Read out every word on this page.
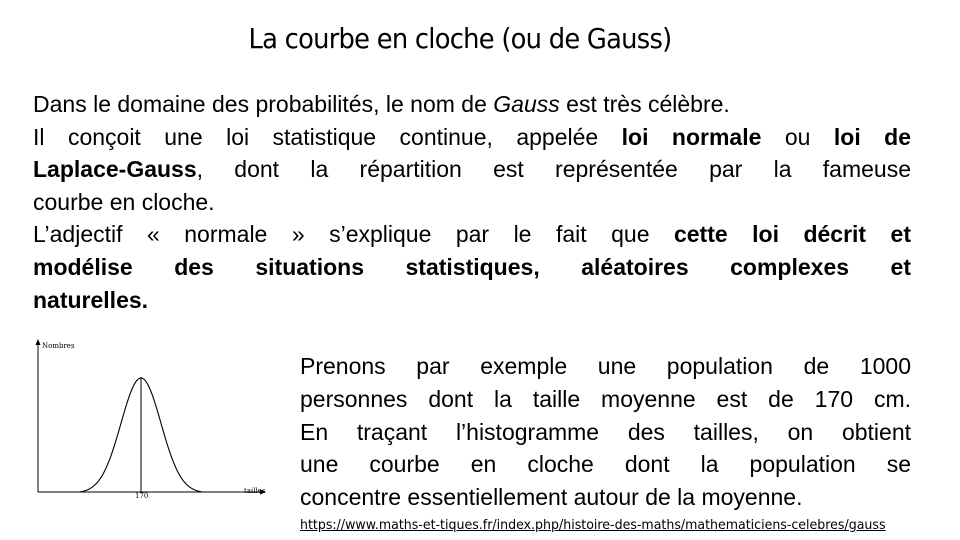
La courbe en cloche (ou de Gauss)

Dans le domaine des probabilités, le nom de Gauss est très célèbre.
Il conçoit une loi statistique continue, appelée loi normale ou loi de
Laplace-Gauss, dont la répartition est représentée par la fameuse
courbe en cloche.
L’adjectif « normale » s’explique par le fait que cette loi décrit et
modélise des situations statistiques, aléatoires complexes et
naturelles.

Nombres
tailles
170

Prenons par exemple une population de 1000
personnes dont la taille moyenne est de 170 cm.
En traçant l’histogramme des tailles, on obtient
une courbe en cloche dont la population se
concentre essentiellement autour de la moyenne.

https://www.maths-et-tiques.fr/index.php/histoire-des-maths/mathematiciens-celebres/gauss
